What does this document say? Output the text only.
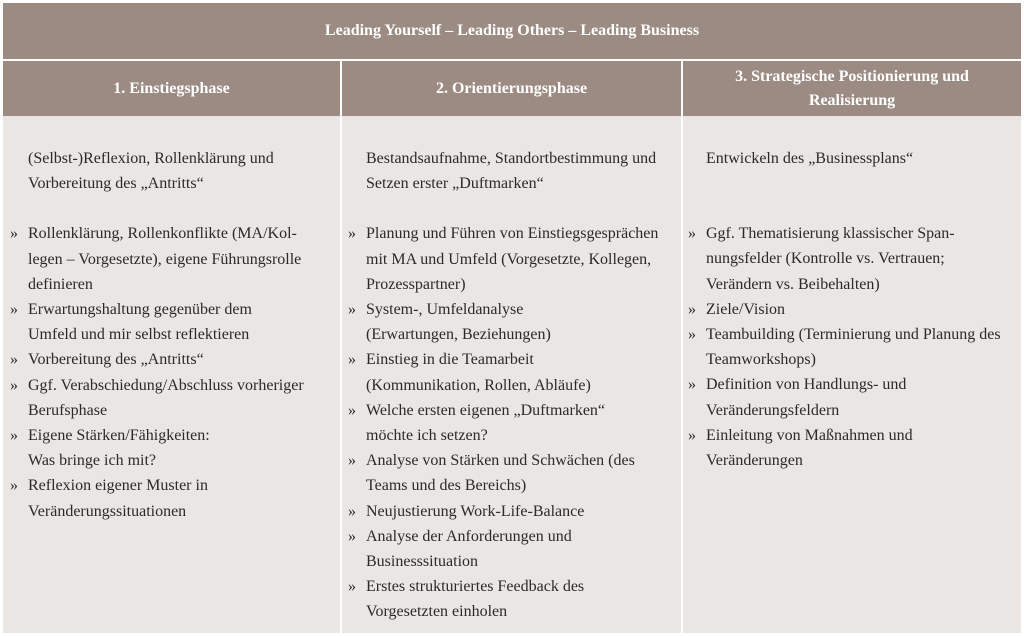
Leading Yourself – Leading Others – Leading Business
1. Einstiegsphase	2. Orientierungsphase
3. Strategische Positionierung und Realisierung
(Selbst-)Reflexion, Rollenklärung und Vorbereitung des „Antritts“
» Rollenklärung, Rollenkonflikte (MA/Kollegen – Vorgesetzte), eigene Führungsrolle definieren
» Erwartungshaltung gegenüber dem Umfeld und mir selbst reflektieren
» Vorbereitung des „Antritts“
» Ggf. Verabschiedung/Abschluss vorheriger Berufsphase
» Eigene Stärken/Fähigkeiten: Was bringe ich mit?
» Reflexion eigener Muster in Veränderungssituationen
Bestandsaufnahme, Standortbestimmung und Setzen erster „Duftmarken“
» Planung und Führen von Einstiegsgesprächen mit MA und Umfeld (Vorgesetzte, Kollegen, Prozesspartner)
» System-, Umfeldanalyse (Erwartungen, Beziehungen)
» Einstieg in die Teamarbeit (Kommunikation, Rollen, Abläufe)
» Welche ersten eigenen „Duftmarken“ möchte ich setzen?
» Analyse von Stärken und Schwächen (des Teams und des Bereichs)
» Neujustierung Work-Life-Balance
» Analyse der Anforderungen und Businesssituation
» Erstes strukturiertes Feedback des Vorgesetzten einholen
Entwickeln des „Businessplans“
» Ggf. Thematisierung klassischer Spannungsfelder (Kontrolle vs. Vertrauen; Verändern vs. Beibehalten)
» Ziele/Vision
» Teambuilding (Terminierung und Planung des Teamworkshops)
» Definition von Handlungs- und Veränderungsfeldern
» Einleitung von Maßnahmen und Veränderungen
